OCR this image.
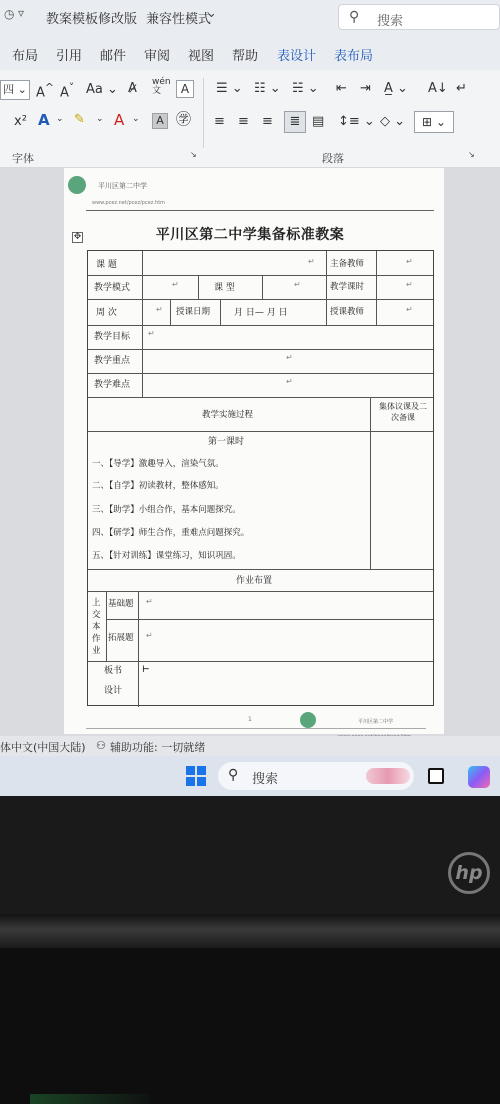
◷ ▿ 教案模板修改版 兼容性模式
⌄	⚲ 搜索
布局 引用 邮件 审阅 视图 帮助 表设计 表布局
四 ⌄ A^ A˅ Aa ⌄ A̷ wén
文	A
x² A ⌄ ✎ ⌄ A ⌄	A ㊫
☰ ⌄ ☷ ⌄ ☵ ⌄ ⇤ ⇥ A̲ ⌄ A↓ ↵
≡ ≡ ≡	≣ ▤ ↕≡ ⌄ ◇ ⌄	⊞ ⌄
字体	↘	段落	↘
平川区第二中学
www.pcez.net/pcez/pcez.htm
✥	平川区第二中学集备标准教案
课 题	↵ 主备教师	↵
教学模式	↵	课 型	↵	教学课时	↵
周 次	↵ 授课日期	月 日— 月 日	授课教师	↵
教学目标 ↵
教学重点	↵
教学难点	↵
教学实施过程
集体议课及二次备课
第一课时
一、【导学】激趣导入，渲染气氛。
二、【自学】初读教材，整体感知。
三、【助学】小组合作，基本问题探究。
四、【研学】师生合作，重难点问题探究。
五、【针对训练】课堂练习，知识巩固。
作业布置
上交本作业
基础题 ↵
拓展题 ↵
板书
设计
⊢
1	平川区第二中学
体中文(中国大陆) ⚇ 辅助功能: 一切就绪
⚲ 搜索
hp
